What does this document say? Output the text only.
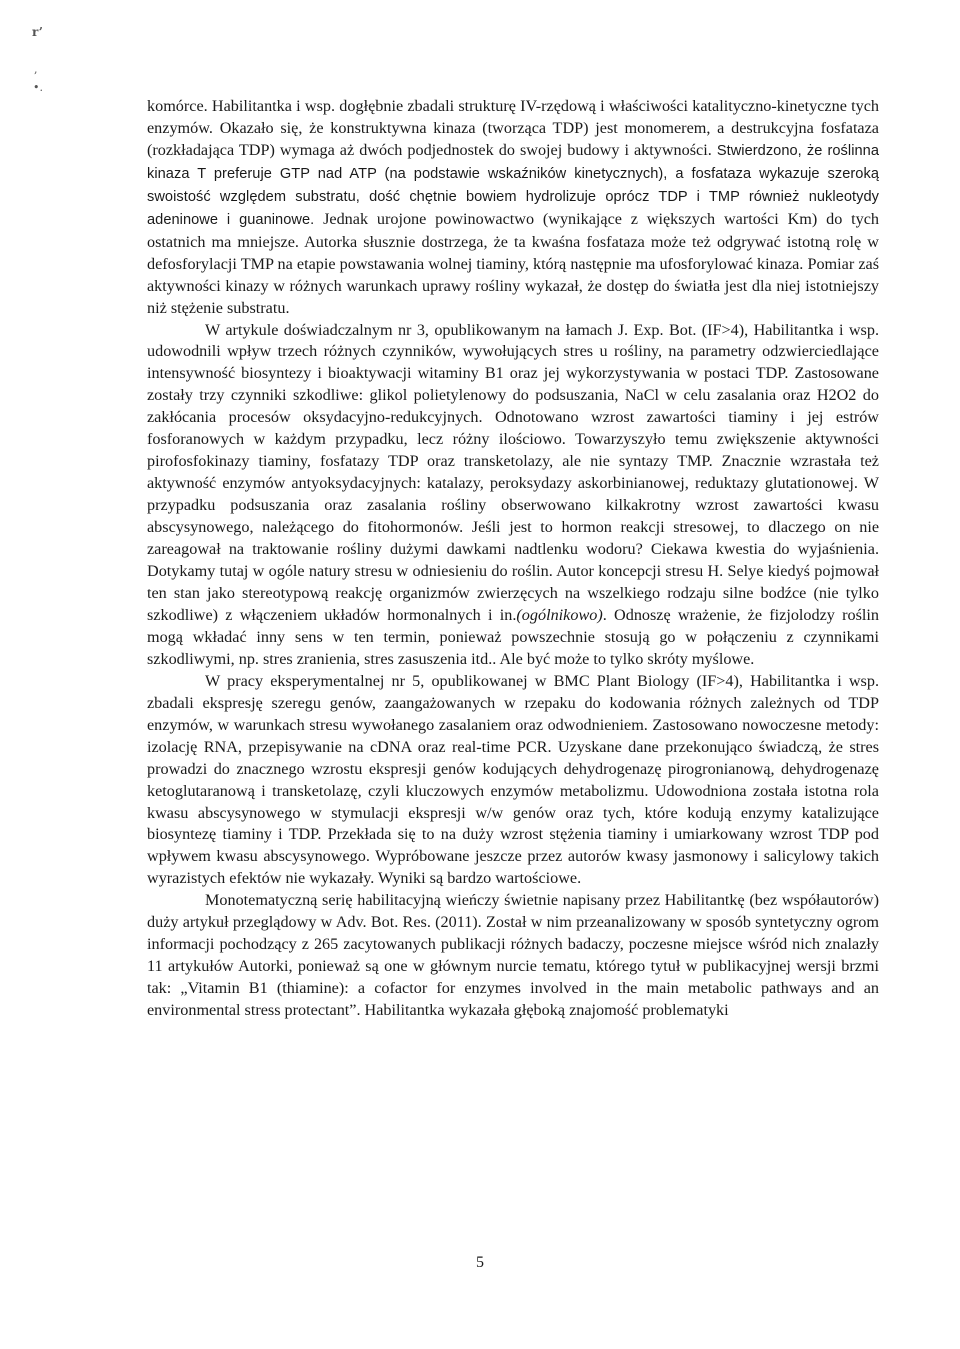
r’
,
•.

komórce. Habilitantka i wsp. dogłębnie zbadali strukturę IV-rzędową i właściwości katalityczno-kinetyczne tych enzymów. Okazało się, że konstruktywna kinaza (tworząca TDP) jest monomerem, a destrukcyjna fosfataza (rozkładająca TDP) wymaga aż dwóch podjednostek do swojej budowy i aktywności. Stwierdzono, że roślinna kinaza T preferuje GTP nad ATP (na podstawie wskaźników kinetycznych), a fosfataza wykazuje szeroką swoistość względem substratu, dość chętnie bowiem hydrolizuje oprócz TDP i TMP również nukleotydy adeninowe i guaninowe. Jednak urojone powinowactwo (wynikające z większych wartości Km) do tych ostatnich ma mniejsze. Autorka słusznie dostrzega, że ta kwaśna fosfataza może też odgrywać istotną rolę w defosforylacji TMP na etapie powstawania wolnej tiaminy, którą następnie ma ufosforylować kinaza. Pomiar zaś aktywności kinazy w różnych warunkach uprawy rośliny wykazał, że dostęp do światła jest dla niej istotniejszy niż stężenie substratu.

W artykule doświadczalnym nr 3, opublikowanym na łamach J. Exp. Bot. (IF>4), Habilitantka i wsp. udowodnili wpływ trzech różnych czynników, wywołujących stres u rośliny, na parametry odzwierciedlające intensywność biosyntezy i bioaktywacji witaminy B1 oraz jej wykorzystywania w postaci TDP. Zastosowane zostały trzy czynniki szkodliwe: glikol polietylenowy do podsuszania, NaCl w celu zasalania oraz H2O2 do zakłócania procesów oksydacyjno-redukcyjnych. Odnotowano wzrost zawartości tiaminy i jej estrów fosforanowych w każdym przypadku, lecz różny ilościowo. Towarzyszyło temu zwiększenie aktywności pirofosfokinazy tiaminy, fosfatazy TDP oraz transketolazy, ale nie syntazy TMP. Znacznie wzrastała też aktywność enzymów antyoksydacyjnych: katalazy, peroksydazy askorbinianowej, reduktazy glutationowej. W przypadku podsuszania oraz zasalania rośliny obserwowano kilkakrotny wzrost zawartości kwasu abscysynowego, należącego do fitohormonów. Jeśli jest to hormon reakcji stresowej, to dlaczego on nie zareagował na traktowanie rośliny dużymi dawkami nadtlenku wodoru? Ciekawa kwestia do wyjaśnienia. Dotykamy tutaj w ogóle natury stresu w odniesieniu do roślin. Autor koncepcji stresu H. Selye kiedyś pojmował ten stan jako stereotypową reakcję organizmów zwierzęcych na wszelkiego rodzaju silne bodźce (nie tylko szkodliwe) z włączeniem układów hormonalnych i in.(ogólnikowo). Odnoszę wrażenie, że fizjolodzy roślin mogą wkładać inny sens w ten termin, ponieważ powszechnie stosują go w połączeniu z czynnikami szkodliwymi, np. stres zranienia, stres zasuszenia itd.. Ale być może to tylko skróty myślowe.

W pracy eksperymentalnej nr 5, opublikowanej w BMC Plant Biology (IF>4), Habilitantka i wsp. zbadali ekspresję szeregu genów, zaangażowanych w rzepaku do kodowania różnych zależnych od TDP enzymów, w warunkach stresu wywołanego zasalaniem oraz odwodnieniem. Zastosowano nowoczesne metody: izolację RNA, przepisywanie na cDNA oraz real-time PCR. Uzyskane dane przekonująco świadczą, że stres prowadzi do znacznego wzrostu ekspresji genów kodujących dehydrogenazę pirogronianową, dehydrogenazę ketoglutaranową i transketolazę, czyli kluczowych enzymów metabolizmu. Udowodniona została istotna rola kwasu abscysynowego w stymulacji ekspresji w/w genów oraz tych, które kodują enzymy katalizujące biosyntezę tiaminy i TDP. Przekłada się to na duży wzrost stężenia tiaminy i umiarkowany wzrost TDP pod wpływem kwasu abscysynowego. Wypróbowane jeszcze przez autorów kwasy jasmonowy i salicylowy takich wyrazistych efektów nie wykazały. Wyniki są bardzo wartościowe.

Monotematyczną serię habilitacyjną wieńczy świetnie napisany przez Habilitantkę (bez współautorów) duży artykuł przeglądowy w Adv. Bot. Res. (2011). Został w nim przeanalizowany w sposób syntetyczny ogrom informacji pochodzący z 265 zacytowanych publikacji różnych badaczy, poczesne miejsce wśród nich znalazły 11 artykułów Autorki, ponieważ są one w głównym nurcie tematu, którego tytuł w publikacyjnej wersji brzmi tak: „Vitamin B1 (thiamine): a cofactor for enzymes involved in the main metabolic pathways and an environmental stress protectant”. Habilitantka wykazała głęboką znajomość problematyki

5
